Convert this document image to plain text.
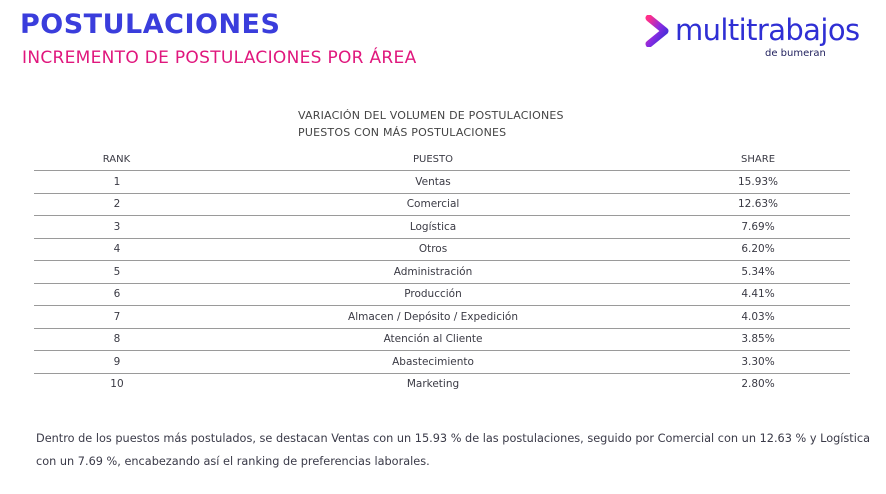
POSTULACIONES
INCREMENTO DE POSTULACIONES POR ÁREA
multitrabajos
de bumeran
VARIACIÓN DEL VOLUMEN DE POSTULACIONES
PUESTOS CON MÁS POSTULACIONES
RANK	PUESTO	SHARE
1	Ventas	15.93%
2	Comercial	12.63%
3	Logística	7.69%
4	Otros	6.20%
5	Administración	5.34%
6	Producción	4.41%
7	Almacen / Depósito / Expedición	4.03%
8	Atención al Cliente	3.85%
9	Abastecimiento	3.30%
10	Marketing	2.80%
Dentro de los puestos más postulados, se destacan Ventas con un 15.93 % de las postulaciones, seguido por Comercial con un 12.63 % y Logística con un 7.69 %, encabezando así el ranking de preferencias laborales.
